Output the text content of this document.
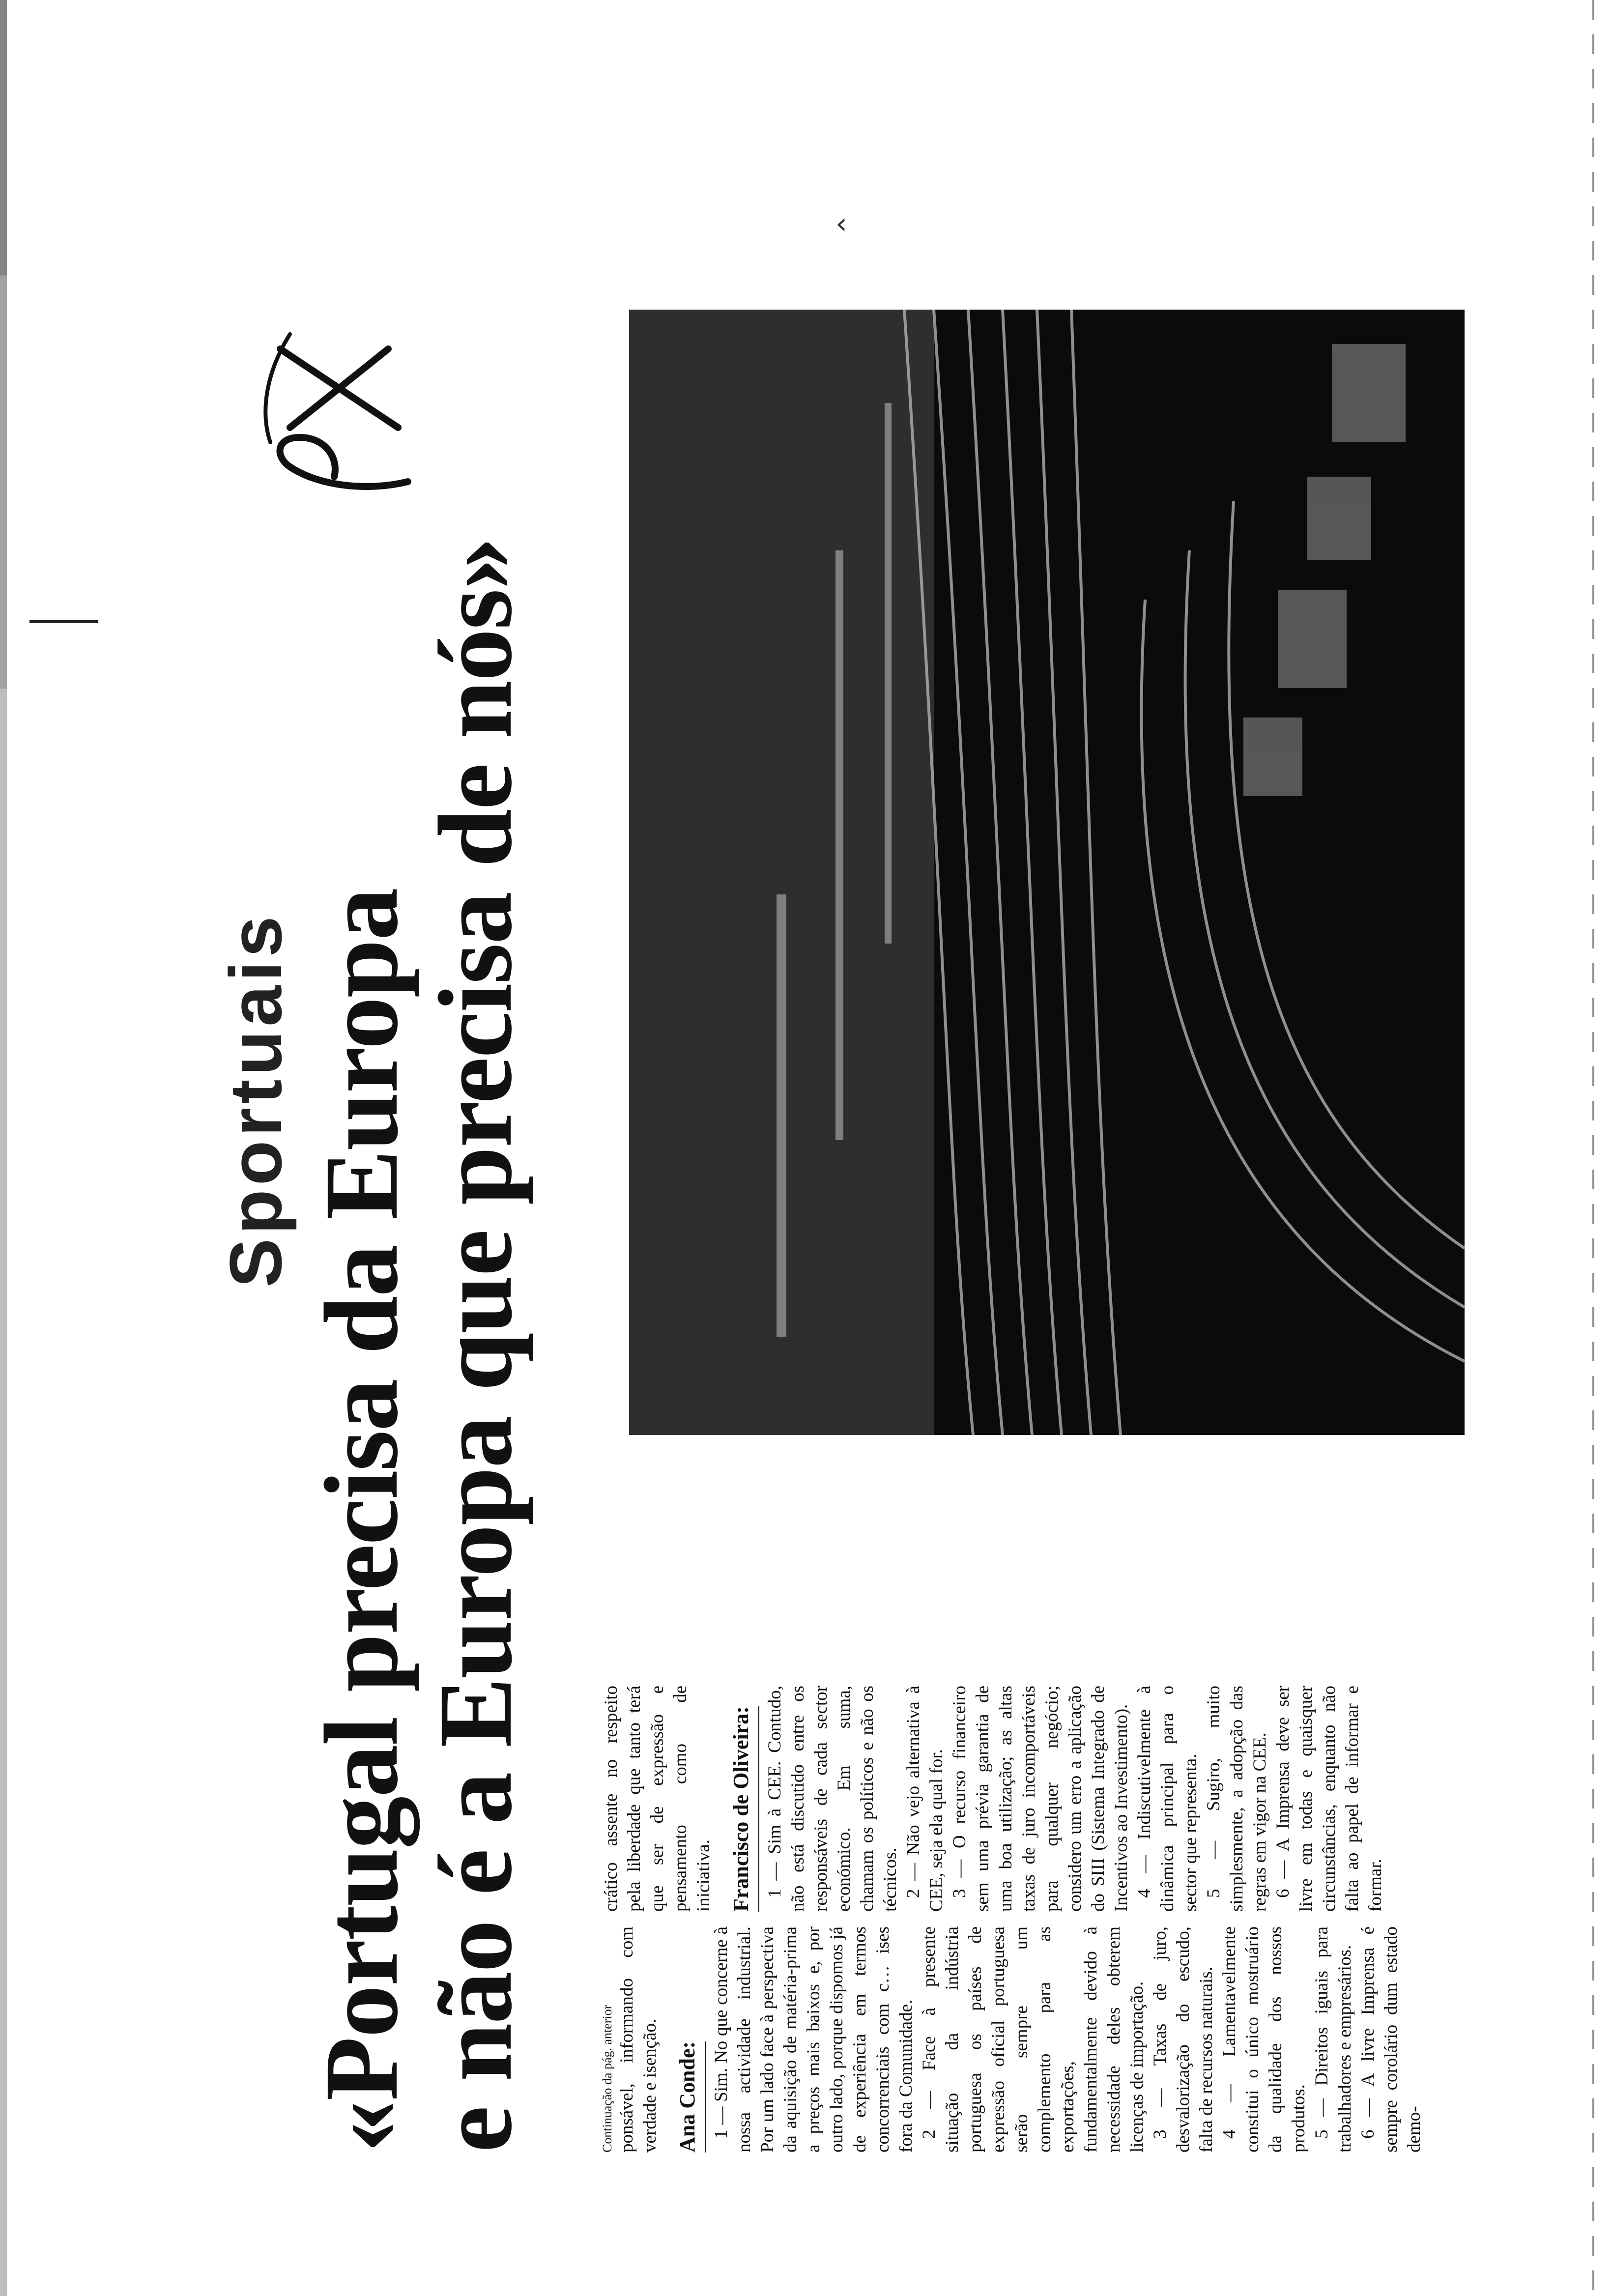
‹
Sportuais «Portugal precisa da Europa
e não é a Europa que precisa de nós»	Continuação da pág. anterior ponsável, informando com verdade e isenção. Ana Conde: 1 — Sim. No que concerne à nossa actividade industrial. Por um lado face à perspectiva da aquisição de matéria-prima a preços mais baixos e, por outro lado, porque dispomos já de experiência em termos concorrenciais com c… ises fora da Comunidade. 2 — Face à presente situação da indústria portuguesa os países de expressão oficial portuguesa serão sempre um complemento para as exportações, fundamentalmente devido à necessidade deles obterem licenças de importação. 3 — Taxas de juro, desvalorização do escudo, falta de recursos naturais. 4 — Lamentavelmente constitui o único mostruário da qualidade dos nossos produtos. 5 — Direitos iguais para trabalhadores e empresários. 6 — A livre Imprensa é sempre corolário dum estado demo-

crático assente no respeito pela liberdade que tanto terá que ser de expressão e pensamento como de iniciativa. Francisco de Oliveira: 1 — Sim à CEE. Contudo, não está discutido entre os responsáveis de cada sector económico. Em suma, chamam os políticos e não os técnicos. 2 — Não vejo alternativa à CEE, seja ela qual for. 3 — O recurso financeiro sem uma prévia garantia de uma boa utilização; as altas taxas de juro incomportáveis para qualquer negócio; considero um erro a aplicação do SIII (Sistema Integrado de Incentivos ao Investimento). 4 — Indiscutivelmente à dinâmica principal para o sector que representa. 5 — Sugiro, muito simplesmente, a adopção das regras em vigor na CEE. 6 — A Imprensa deve ser livre em todas e quaisquer circunstâncias, enquanto não falta ao papel de informar e formar.
